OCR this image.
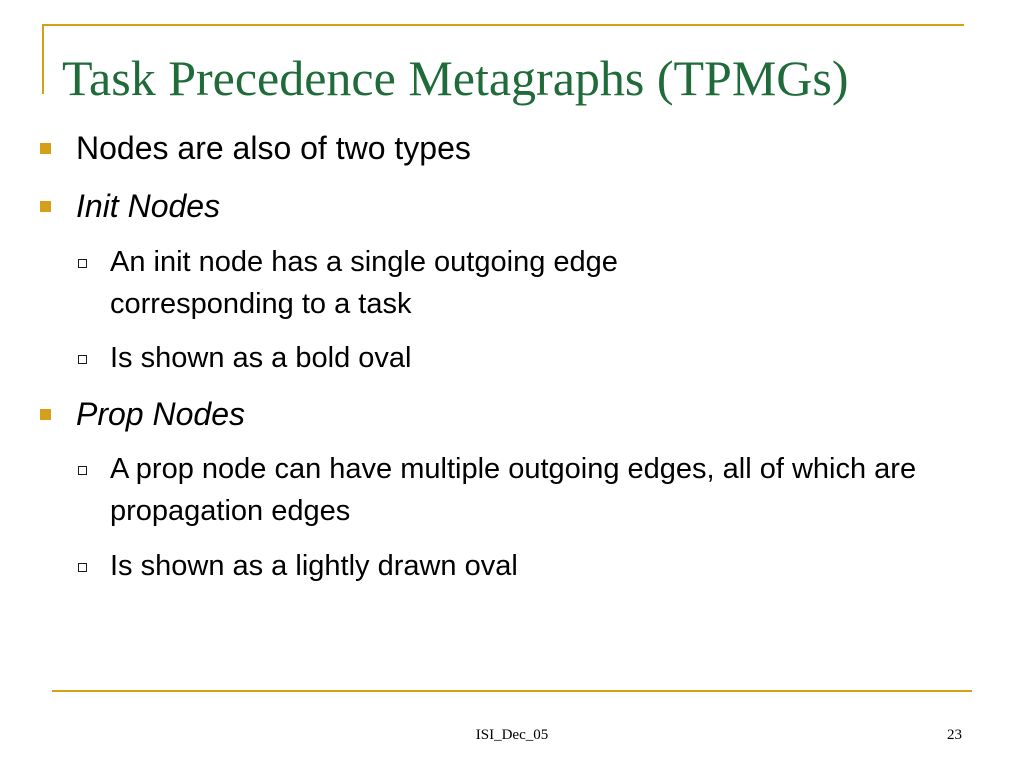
Task Precedence Metagraphs (TPMGs)
Nodes are also of two types
Init Nodes
An init node has a single outgoing edge corresponding to a task
Is shown as a bold oval
Prop Nodes
A prop node can have multiple outgoing edges, all of which are propagation edges
Is shown as a lightly drawn oval
ISI_Dec_05	23
